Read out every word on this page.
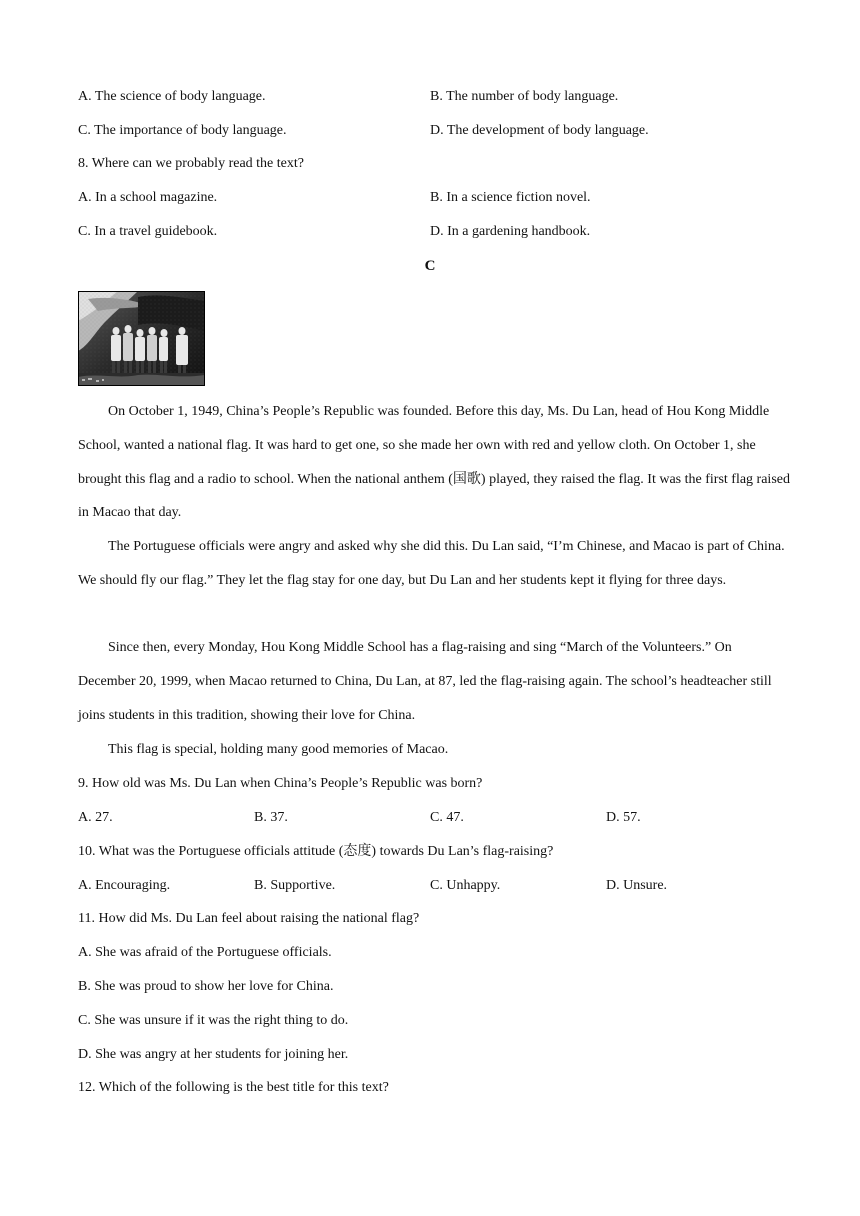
A. The science of body language.	B. The number of body language.
C. The importance of body language.	D. The development of body language.
8. Where can we probably read the text?
A. In a school magazine.	B. In a science fiction novel.
C. In a travel guidebook.	D. In a gardening handbook.
C

On October 1, 1949, China’s People’s Republic was founded. Before this day, Ms. Du Lan, head of Hou Kong Middle School, wanted a national flag. It was hard to get one, so she made her own with red and yellow cloth. On October 1, she brought this flag and a radio to school. When the national anthem (国歌) played, they raised the flag. It was the first flag raised in Macao that day.

The Portuguese officials were angry and asked why she did this. Du Lan said, “I’m Chinese, and Macao is part of China. We should fly our flag.” They let the flag stay for one day, but Du Lan and her students kept it flying for three days.

Since then, every Monday, Hou Kong Middle School has a flag-raising and sing “March of the Volunteers.” On December 20, 1999, when Macao returned to China, Du Lan, at 87, led the flag-raising again. The school’s headteacher still joins students in this tradition, showing their love for China.

This flag is special, holding many good memories of Macao.

9. How old was Ms. Du Lan when China’s People’s Republic was born?
A. 27.	B. 37.	C. 47.	D. 57.
10. What was the Portuguese officials attitude (态度) towards Du Lan’s flag-raising?
A. Encouraging.	B. Supportive.	C. Unhappy.	D. Unsure.
11. How did Ms. Du Lan feel about raising the national flag?
A. She was afraid of the Portuguese officials.
B. She was proud to show her love for China.
C. She was unsure if it was the right thing to do.
D. She was angry at her students for joining her.
12. Which of the following is the best title for this text?
